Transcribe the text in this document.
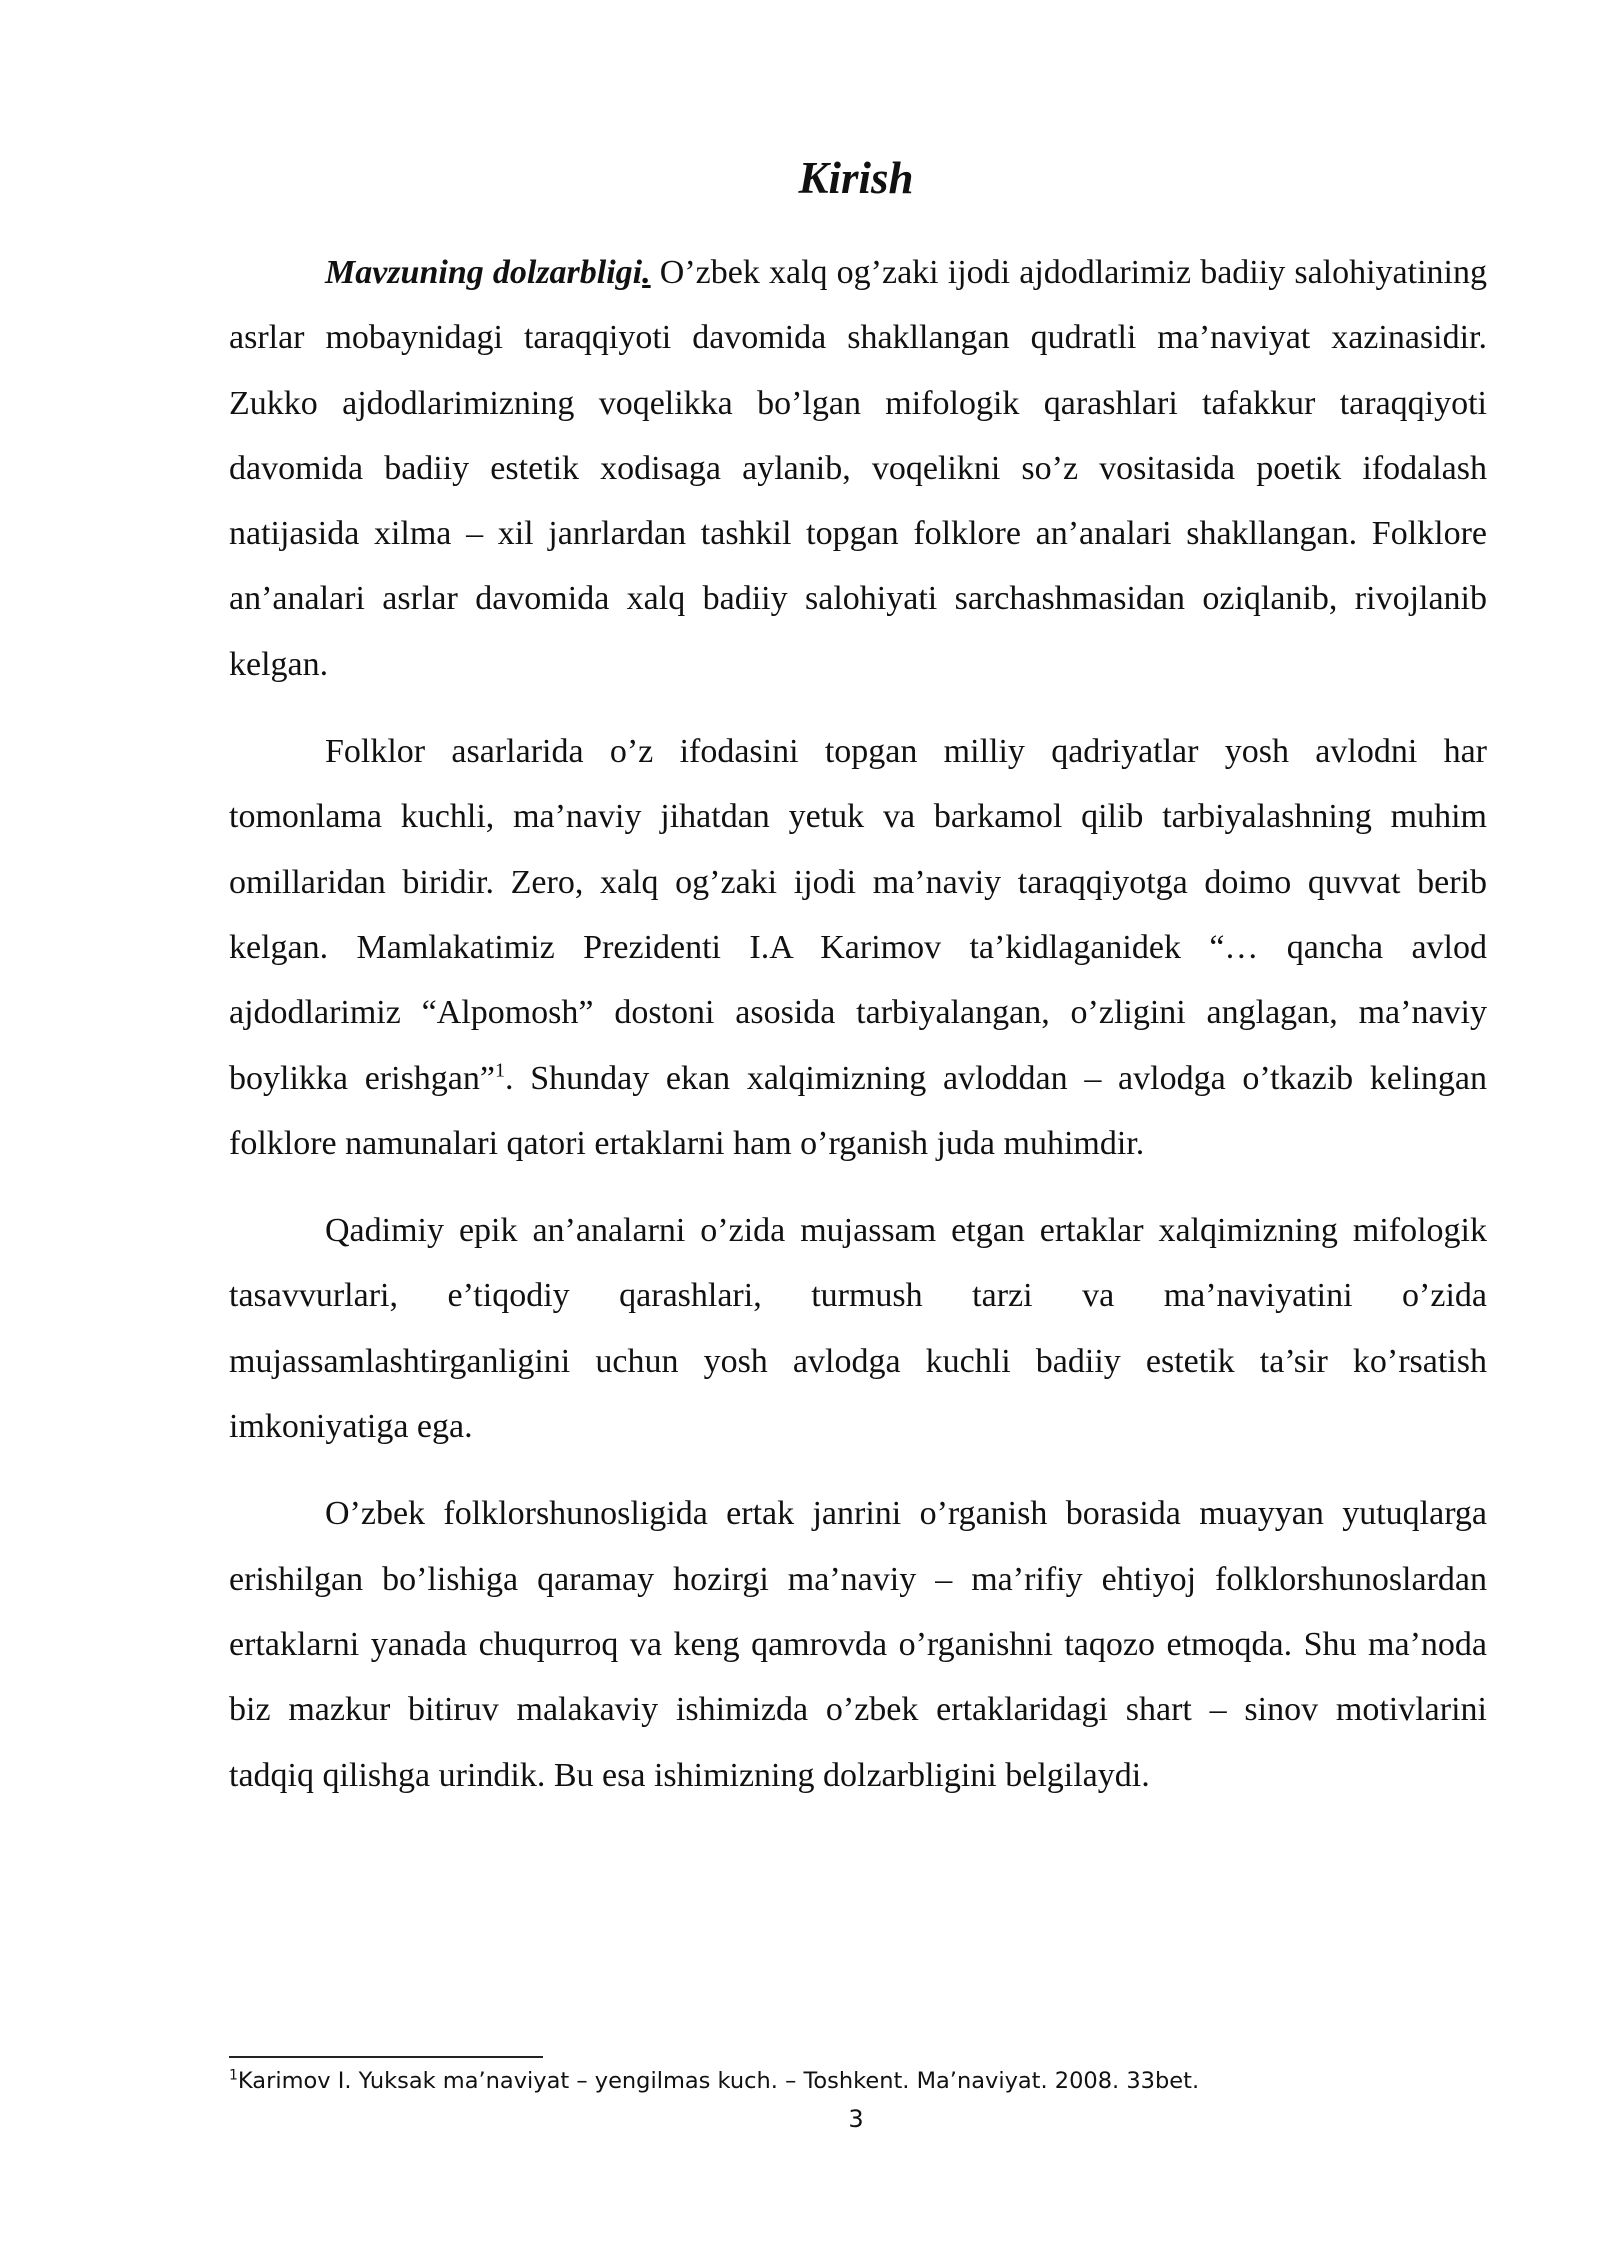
Kirish

Mavzuning dolzarbligi. O’zbek xalq og’zaki ijodi ajdodlarimiz badiiy salohiyatining asrlar mobaynidagi taraqqiyoti davomida shakllangan qudratli ma’naviyat xazinasidir. Zukko ajdodlarimizning voqelikka bo’lgan mifologik qarashlari tafakkur taraqqiyoti davomida badiiy estetik xodisaga aylanib, voqelikni so’z vositasida poetik ifodalash natijasida xilma – xil janrlardan tashkil topgan folklore an’analari shakllangan. Folklore an’analari asrlar davomida xalq badiiy salohiyati sarchashmasidan oziqlanib, rivojlanib kelgan.

Folklor asarlarida o’z ifodasini topgan milliy qadriyatlar yosh avlodni har tomonlama kuchli, ma’naviy jihatdan yetuk va barkamol qilib tarbiyalashning muhim omillaridan biridir. Zero, xalq og’zaki ijodi ma’naviy taraqqiyotga doimo quvvat berib kelgan. Mamlakatimiz Prezidenti I.A Karimov ta’kidlaganidek “… qancha avlod ajdodlarimiz “Alpomosh” dostoni asosida tarbiyalangan, o’zligini anglagan, ma’naviy boylikka erishgan”$^1$. Shunday ekan xalqimizning avloddan – avlodga o’tkazib kelingan folklore namunalari qatori ertaklarni ham o’rganish juda muhimdir.

Qadimiy epik an’analarni o’zida mujassam etgan ertaklar xalqimizning mifologik tasavvurlari, e’tiqodiy qarashlari, turmush tarzi va ma’naviyatini o’zida mujassamlashtirganligini uchun yosh avlodga kuchli badiiy estetik ta’sir ko’rsatish imkoniyatiga ega.

O’zbek folklorshunosligida ertak janrini o’rganish borasida muayyan yutuqlarga erishilgan bo’lishiga qaramay hozirgi ma’naviy – ma’rifiy ehtiyoj folklorshunoslardan ertaklarni yanada chuqurroq va keng qamrovda o’rganishni taqozo etmoqda. Shu ma’noda biz mazkur bitiruv malakaviy ishimizda o’zbek ertaklaridagi shart – sinov motivlarini tadqiq qilishga urindik. Bu esa ishimizning dolzarbligini belgilaydi.

$^1$Karimov I. Yuksak ma’naviyat – yengilmas kuch. – Toshkent. Ma’naviyat. 2008. 33bet.
3
